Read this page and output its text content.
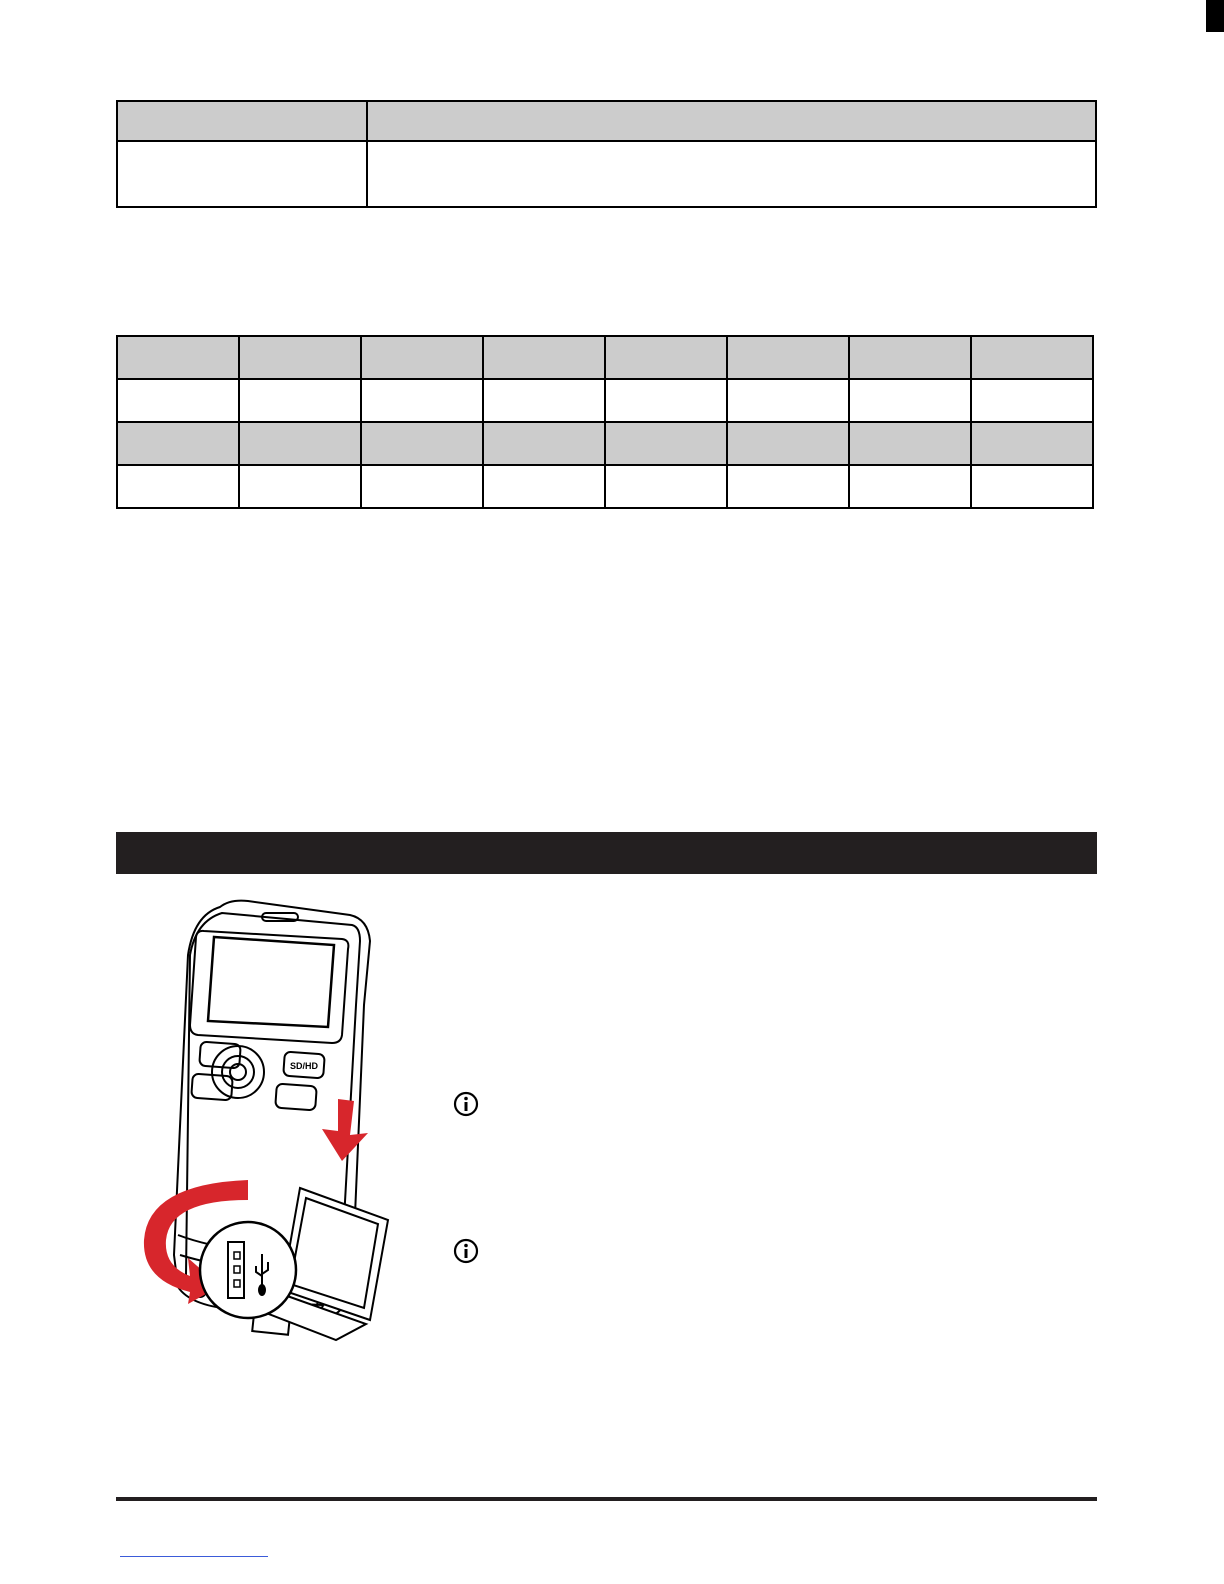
SD/HD
